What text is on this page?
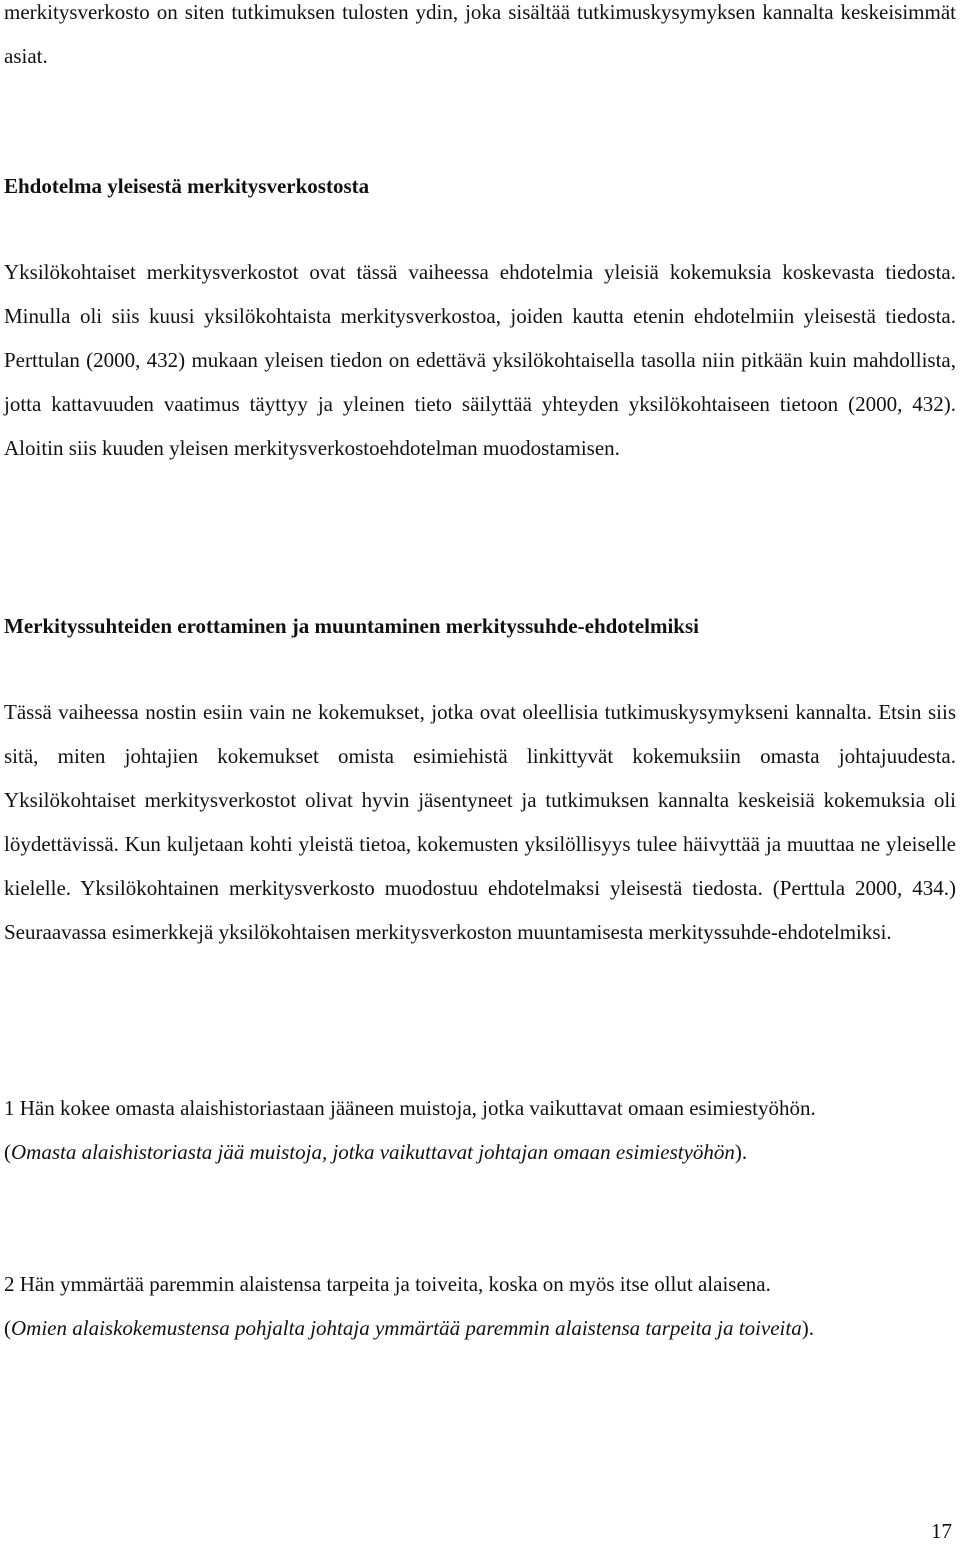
merkitysverkosto on siten tutkimuksen tulosten ydin, joka sisältää tutkimuskysymyksen kannalta keskeisimmät asiat.

Ehdotelma yleisestä merkitysverkostosta

Yksilökohtaiset merkitysverkostot ovat tässä vaiheessa ehdotelmia yleisiä kokemuksia koskevasta tiedosta. Minulla oli siis kuusi yksilökohtaista merkitysverkostoa, joiden kautta etenin ehdotelmiin yleisestä tiedosta. Perttulan (2000, 432) mukaan yleisen tiedon on edettävä yksilökohtaisella tasolla niin pitkään kuin mahdollista, jotta kattavuuden vaatimus täyttyy ja yleinen tieto säilyttää yhteyden yksilökohtaiseen tietoon (2000, 432). Aloitin siis kuuden yleisen merkitysverkostoehdotelman muodostamisen.

Merkityssuhteiden erottaminen ja muuntaminen merkityssuhde-ehdotelmiksi

Tässä vaiheessa nostin esiin vain ne kokemukset, jotka ovat oleellisia tutkimuskysymykseni kannalta. Etsin siis sitä, miten johtajien kokemukset omista esimiehistä linkittyvät kokemuksiin omasta johtajuudesta. Yksilökohtaiset merkitysverkostot olivat hyvin jäsentyneet ja tutkimuksen kannalta keskeisiä kokemuksia oli löydettävissä. Kun kuljetaan kohti yleistä tietoa, kokemusten yksilöllisyys tulee häivyttää ja muuttaa ne yleiselle kielelle. Yksilökohtainen merkitysverkosto muodostuu ehdotelmaksi yleisestä tiedosta. (Perttula 2000, 434.) Seuraavassa esimerkkejä yksilökohtaisen merkitysverkoston muuntamisesta merkityssuhde-ehdotelmiksi.

1 Hän kokee omasta alaishistoriastaan jääneen muistoja, jotka vaikuttavat omaan esimiestyöhön.
(Omasta alaishistoriasta jää muistoja, jotka vaikuttavat johtajan omaan esimiestyöhön).

2 Hän ymmärtää paremmin alaistensa tarpeita ja toiveita, koska on myös itse ollut alaisena.
(Omien alaiskokemustensa pohjalta johtaja ymmärtää paremmin alaistensa tarpeita ja toiveita).

17
